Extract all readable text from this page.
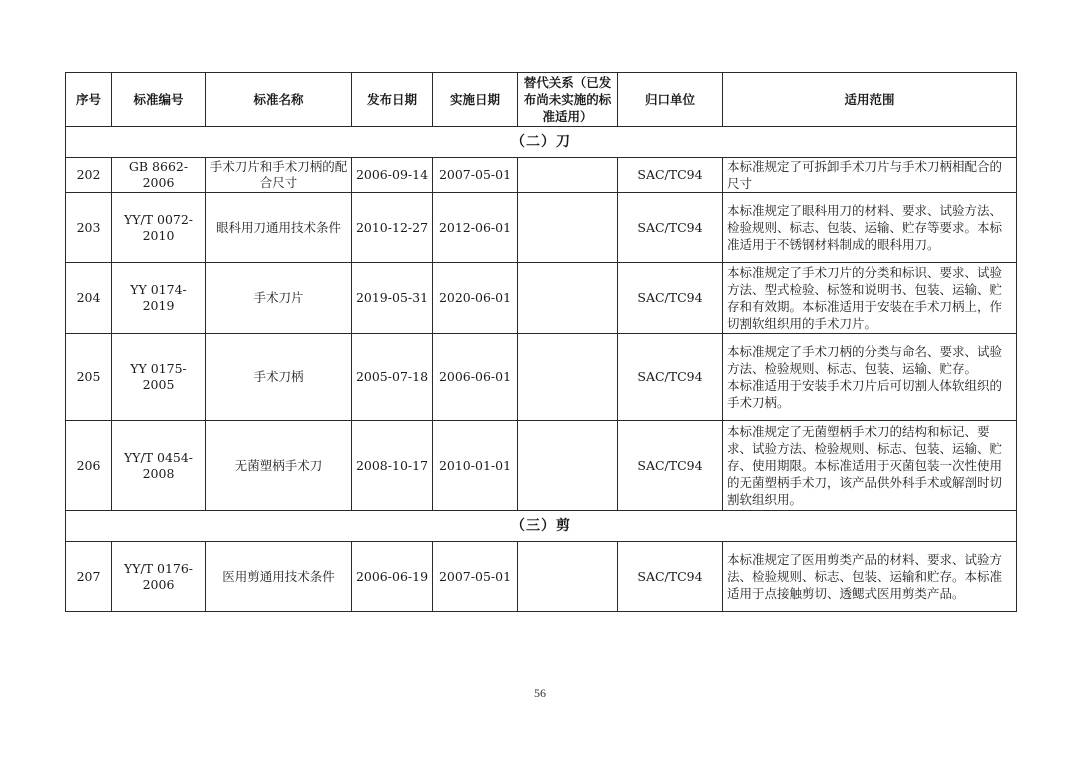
序号	标准编号	标准名称	发布日期	实施日期	替代关系（已发布尚未实施的标准适用）	归口单位	适用范围
（二）刀							
202	GB 8662-2006	手术刀片和手术刀柄的配合尺寸	2006-09-14	2007-05-01		SAC/TC94	本标准规定了可拆卸手术刀片与手术刀柄相配合的尺寸
203	YY/T 0072-2010	眼科用刀通用技术条件	2010-12-27	2012-06-01		SAC/TC94	本标准规定了眼科用刀的材料、要求、试验方法、检验规则、标志、包装、运输、贮存等要求。本标准适用于不锈钢材料制成的眼科用刀。
204	YY 0174-2019	手术刀片	2019-05-31	2020-06-01		SAC/TC94	本标准规定了手术刀片的分类和标识、要求、试验方法、型式检验、标签和说明书、包装、运输、贮存和有效期。本标准适用于安装在手术刀柄上，作切割软组织用的手术刀片。
205	YY 0175-2005	手术刀柄	2005-07-18	2006-06-01		SAC/TC94	本标准规定了手术刀柄的分类与命名、要求、试验方法、检验规则、标志、包装、运输、贮存。
本标准适用于安装手术刀片后可切割人体软组织的手术刀柄。

206	YY/T 0454-2008	无菌塑柄手术刀	2008-10-17	2010-01-01		SAC/TC94	本标准规定了无菌塑柄手术刀的结构和标记、要求、试验方法、检验规则、标志、包装、运输、贮存、使用期限。本标准适用于灭菌包装一次性使用的无菌塑柄手术刀，该产品供外科手术或解剖时切割软组织用。
（三）剪							
207	YY/T 0176-2006	医用剪通用技术条件	2006-06-19	2007-05-01		SAC/TC94	本标准规定了医用剪类产品的材料、要求、试验方法、检验规则、标志、包装、运输和贮存。本标准适用于点接触剪切、透鳃式医用剪类产品。
56
